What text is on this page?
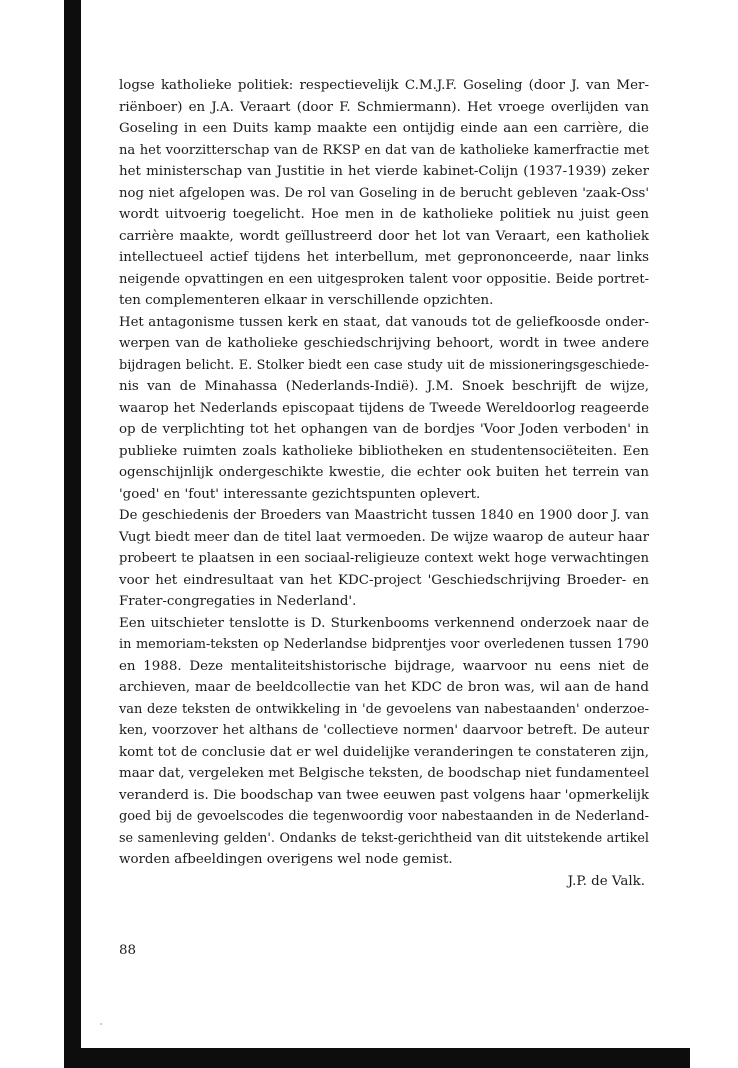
logse katholieke politiek: respectievelijk C.M.J.F. Goseling (door J. van Mer-
riënboer) en J.A. Veraart (door F. Schmiermann). Het vroege overlijden van
Goseling in een Duits kamp maakte een ontijdig einde aan een carrière, die
na het voorzitterschap van de RKSP en dat van de katholieke kamerfractie met
het ministerschap van Justitie in het vierde kabinet-Colijn (1937-1939) zeker
nog niet afgelopen was. De rol van Goseling in de berucht gebleven 'zaak-Oss'
wordt uitvoerig toegelicht. Hoe men in de katholieke politiek nu juist geen
carrière maakte, wordt geïllustreerd door het lot van Veraart, een katholiek
intellectueel actief tijdens het interbellum, met geprononceerde, naar links
neigende opvattingen en een uitgesproken talent voor oppositie. Beide portret-
ten complementeren elkaar in verschillende opzichten.
Het antagonisme tussen kerk en staat, dat vanouds tot de geliefkoosde onder-
werpen van de katholieke geschiedschrijving behoort, wordt in twee andere
bijdragen belicht. E. Stolker biedt een case study uit de missioneringsgeschiede-
nis van de Minahassa (Nederlands-Indië). J.M. Snoek beschrijft de wijze,
waarop het Nederlands episcopaat tijdens de Tweede Wereldoorlog reageerde
op de verplichting tot het ophangen van de bordjes 'Voor Joden verboden' in
publieke ruimten zoals katholieke bibliotheken en studentensociëteiten. Een
ogenschijnlijk ondergeschikte kwestie, die echter ook buiten het terrein van
'goed' en 'fout' interessante gezichtspunten oplevert.
De geschiedenis der Broeders van Maastricht tussen 1840 en 1900 door J. van
Vugt biedt meer dan de titel laat vermoeden. De wijze waarop de auteur haar
probeert te plaatsen in een sociaal-religieuze context wekt hoge verwachtingen
voor het eindresultaat van het KDC-project 'Geschiedschrijving Broeder- en
Frater-congregaties in Nederland'.
Een uitschieter tenslotte is D. Sturkenbooms verkennend onderzoek naar de
in memoriam-teksten op Nederlandse bidprentjes voor overledenen tussen 1790
en 1988. Deze mentaliteitshistorische bijdrage, waarvoor nu eens niet de
archieven, maar de beeldcollectie van het KDC de bron was, wil aan de hand
van deze teksten de ontwikkeling in 'de gevoelens van nabestaanden' onderzoe-
ken, voorzover het althans de 'collectieve normen' daarvoor betreft. De auteur
komt tot de conclusie dat er wel duidelijke veranderingen te constateren zijn,
maar dat, vergeleken met Belgische teksten, de boodschap niet fundamenteel
veranderd is. Die boodschap van twee eeuwen past volgens haar 'opmerkelijk
goed bij de gevoelscodes die tegenwoordig voor nabestaanden in de Nederland-
se samenleving gelden'. Ondanks de tekst-gerichtheid van dit uitstekende artikel
worden afbeeldingen overigens wel node gemist.
J.P. de Valk.
88
